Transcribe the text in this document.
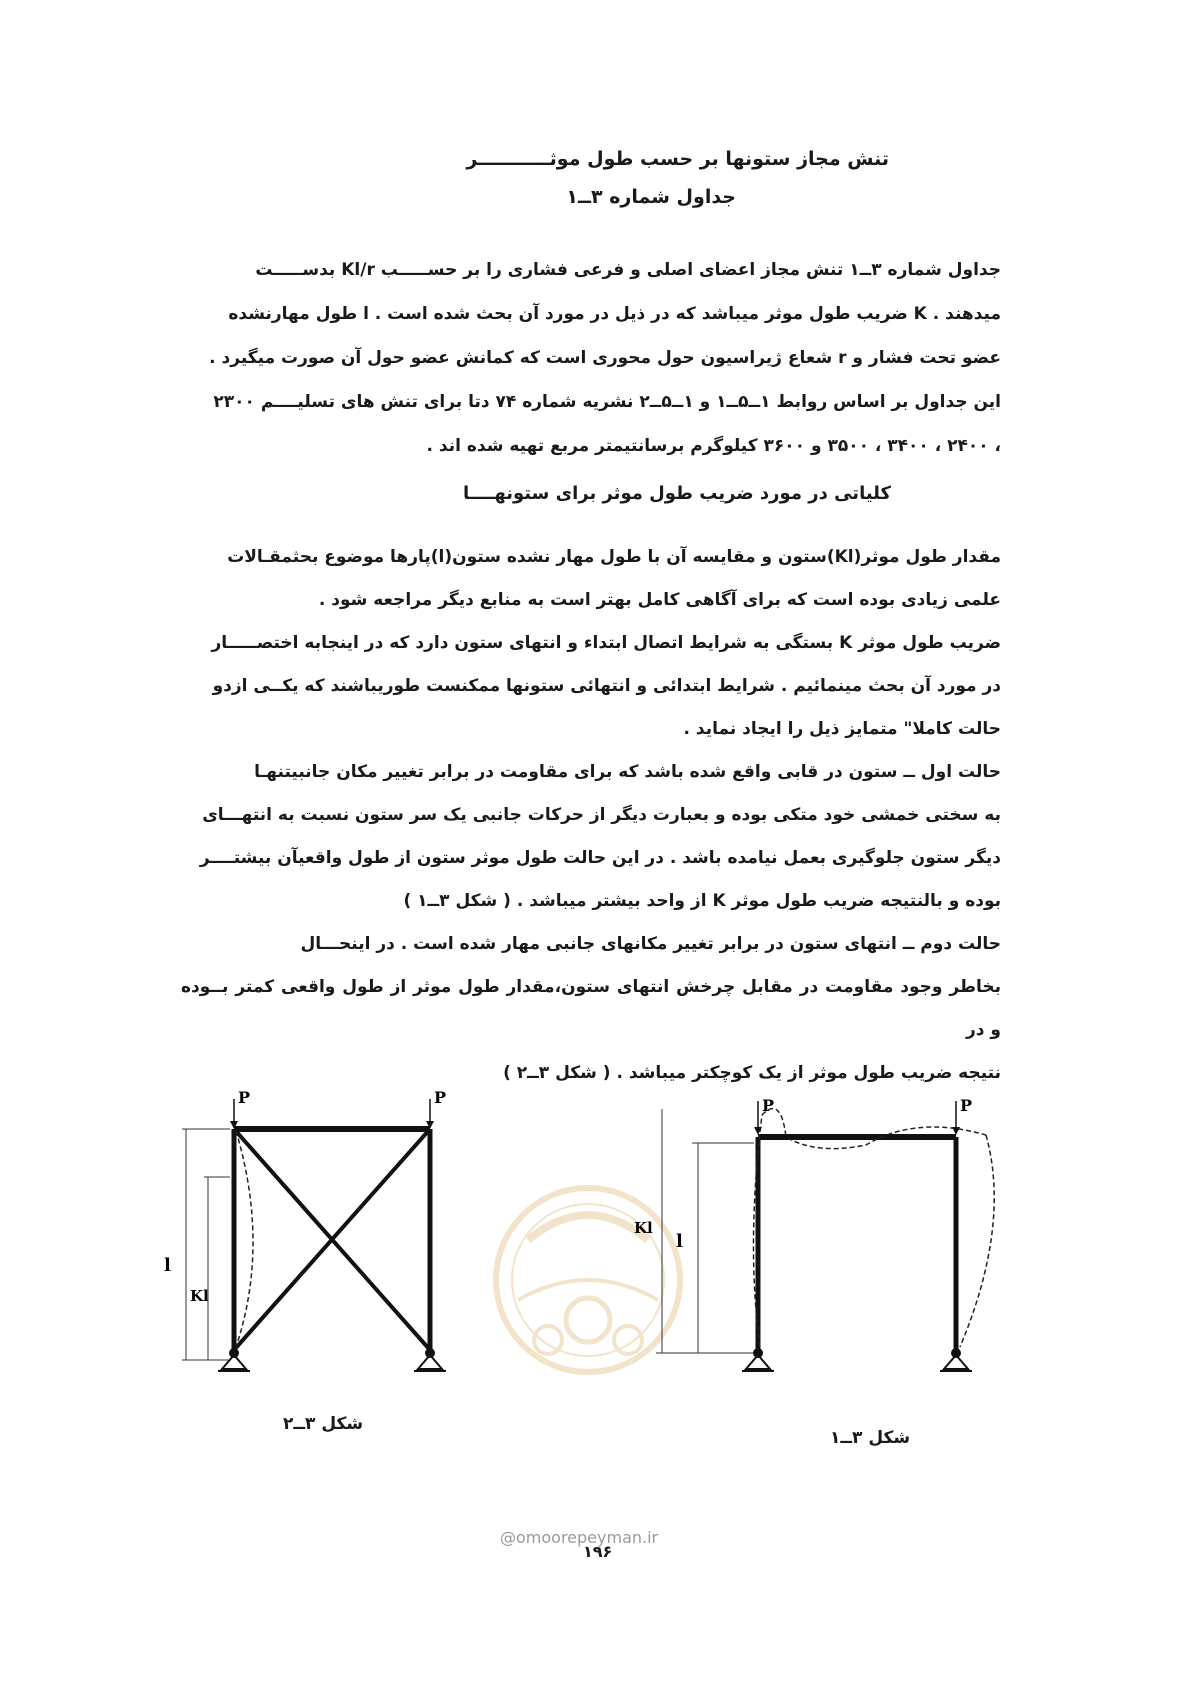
تنش مجاز ستونها بر حسب طول موثـــــــــــر
جداول شماره ۳ــ۱

جداول شماره ۳ــ۱ تنش مجاز اعضای اصلی و فرعی فشاری را بر حســـــب Kl/r بدســـــت

میدهند . K ضریب طول موثر میباشد که در ذیل در مورد آن بحث شده است . l طول مهارنشده

عضو تحت فشار و r شعاع ژیراسیون حول محوری است که کمانش عضو حول آن صورت میگیرد .

این جداول بر اساس روابط ۱ــ۵ــ۱ و ۱ــ۵ــ۲ نشریه شماره ۷۴ دتا برای تنش های تسلیــــم ۲۳۰۰

، ۲۴۰۰ ، ۳۴۰۰ ، ۳۵۰۰ و ۳۶۰۰ کیلوگرم برسانتیمتر مربع تهیه شده اند .

کلیاتی در مورد ضریب طول موثر برای ستونهــــا

مقدار طول موثر(Kl)ستون و مقایسه آن با طول مهار نشده ستون(l)پارها موضوع بحثمقـالات

علمی زیادی بوده است که برای آگاهی کامل بهتر است به منابع دیگر مراجعه شود .

ضریب طول موثر K بستگی به شرایط اتصال ابتداء و انتهای ستون دارد که در اینجابه اختصـــــار

در مورد آن بحث مینمائیم . شرایط ابتدائی و انتهائی ستونها ممکنست طوریباشند که یکــی ازدو

حالت کاملا" متمایز ذیل را ایجاد نماید .

حالت اول ــ ستون در قابی واقع شده باشد که برای مقاومت در برابر تغییر مکان جانبیتنهـا

به سختی خمشی خود متکی بوده و بعبارت دیگر از حرکات جانبی یک سر ستون نسبت به انتهـــای

دیگر ستون جلوگیری بعمل نیامده باشد . در این حالت طول موثر ستون از طول واقعیآن بیشتــــر

بوده و بالنتیجه ضریب طول موثر K از واحد بیشتر میباشد . ( شکل ۳ــ۱ )

حالت دوم ــ انتهای ستون در برابر تغییر مکانهای جانبی مهار شده است . در اینحـــال

بخاطر وجود مقاومت در مقابل چرخش انتهای ستون،مقدار طول موثر از طول واقعی کمتر بــوده و در

نتیجه ضریب طول موثر از یک کوچکتر میباشد . ( شکل ۳ــ۲ )

P	P
l
Kl
شکل ۳ــ۲
P	P
Kl
l
شکل ۳ــ۱
@omoorepeyman.ir
۱۹۶
